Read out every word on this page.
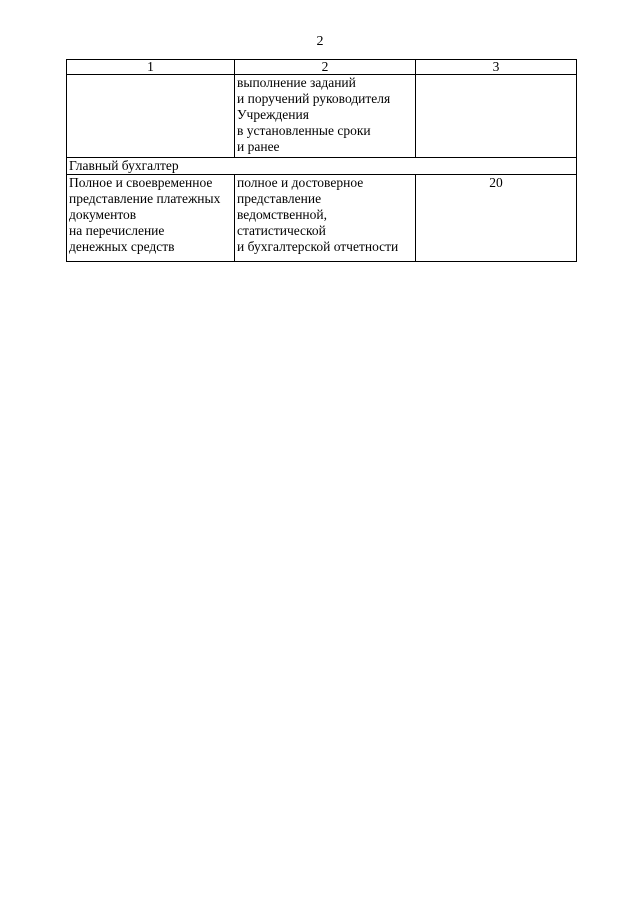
2
1	2	3

	выполнение заданий
и поручений руководителя
Учреждения
в установленные сроки
и ранее	

Главный бухгалтер		

Полное и своевременное
представление платежных
документов
на перечисление
денежных средств	полное и достоверное
представление
ведомственной,
статистической
и бухгалтерской отчетности	20
